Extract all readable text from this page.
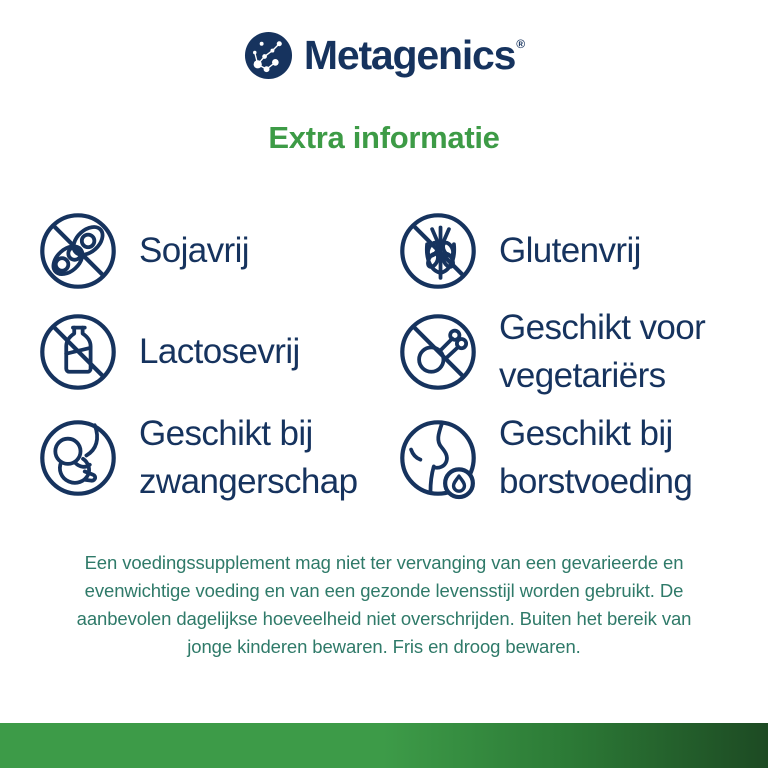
Metagenics®
Extra informatie
Sojavrij	Glutenvrij
Lactosevrij
Geschikt voor
vegetariërs
Geschikt bij
zwangerschap
Geschikt bij
borstvoeding
Een voedingssupplement mag niet ter vervanging van een gevarieerde en
evenwichtige voeding en van een gezonde levensstijl worden gebruikt. De
aanbevolen dagelijkse hoeveelheid niet overschrijden. Buiten het bereik van
jonge kinderen bewaren. Fris en droog bewaren.
